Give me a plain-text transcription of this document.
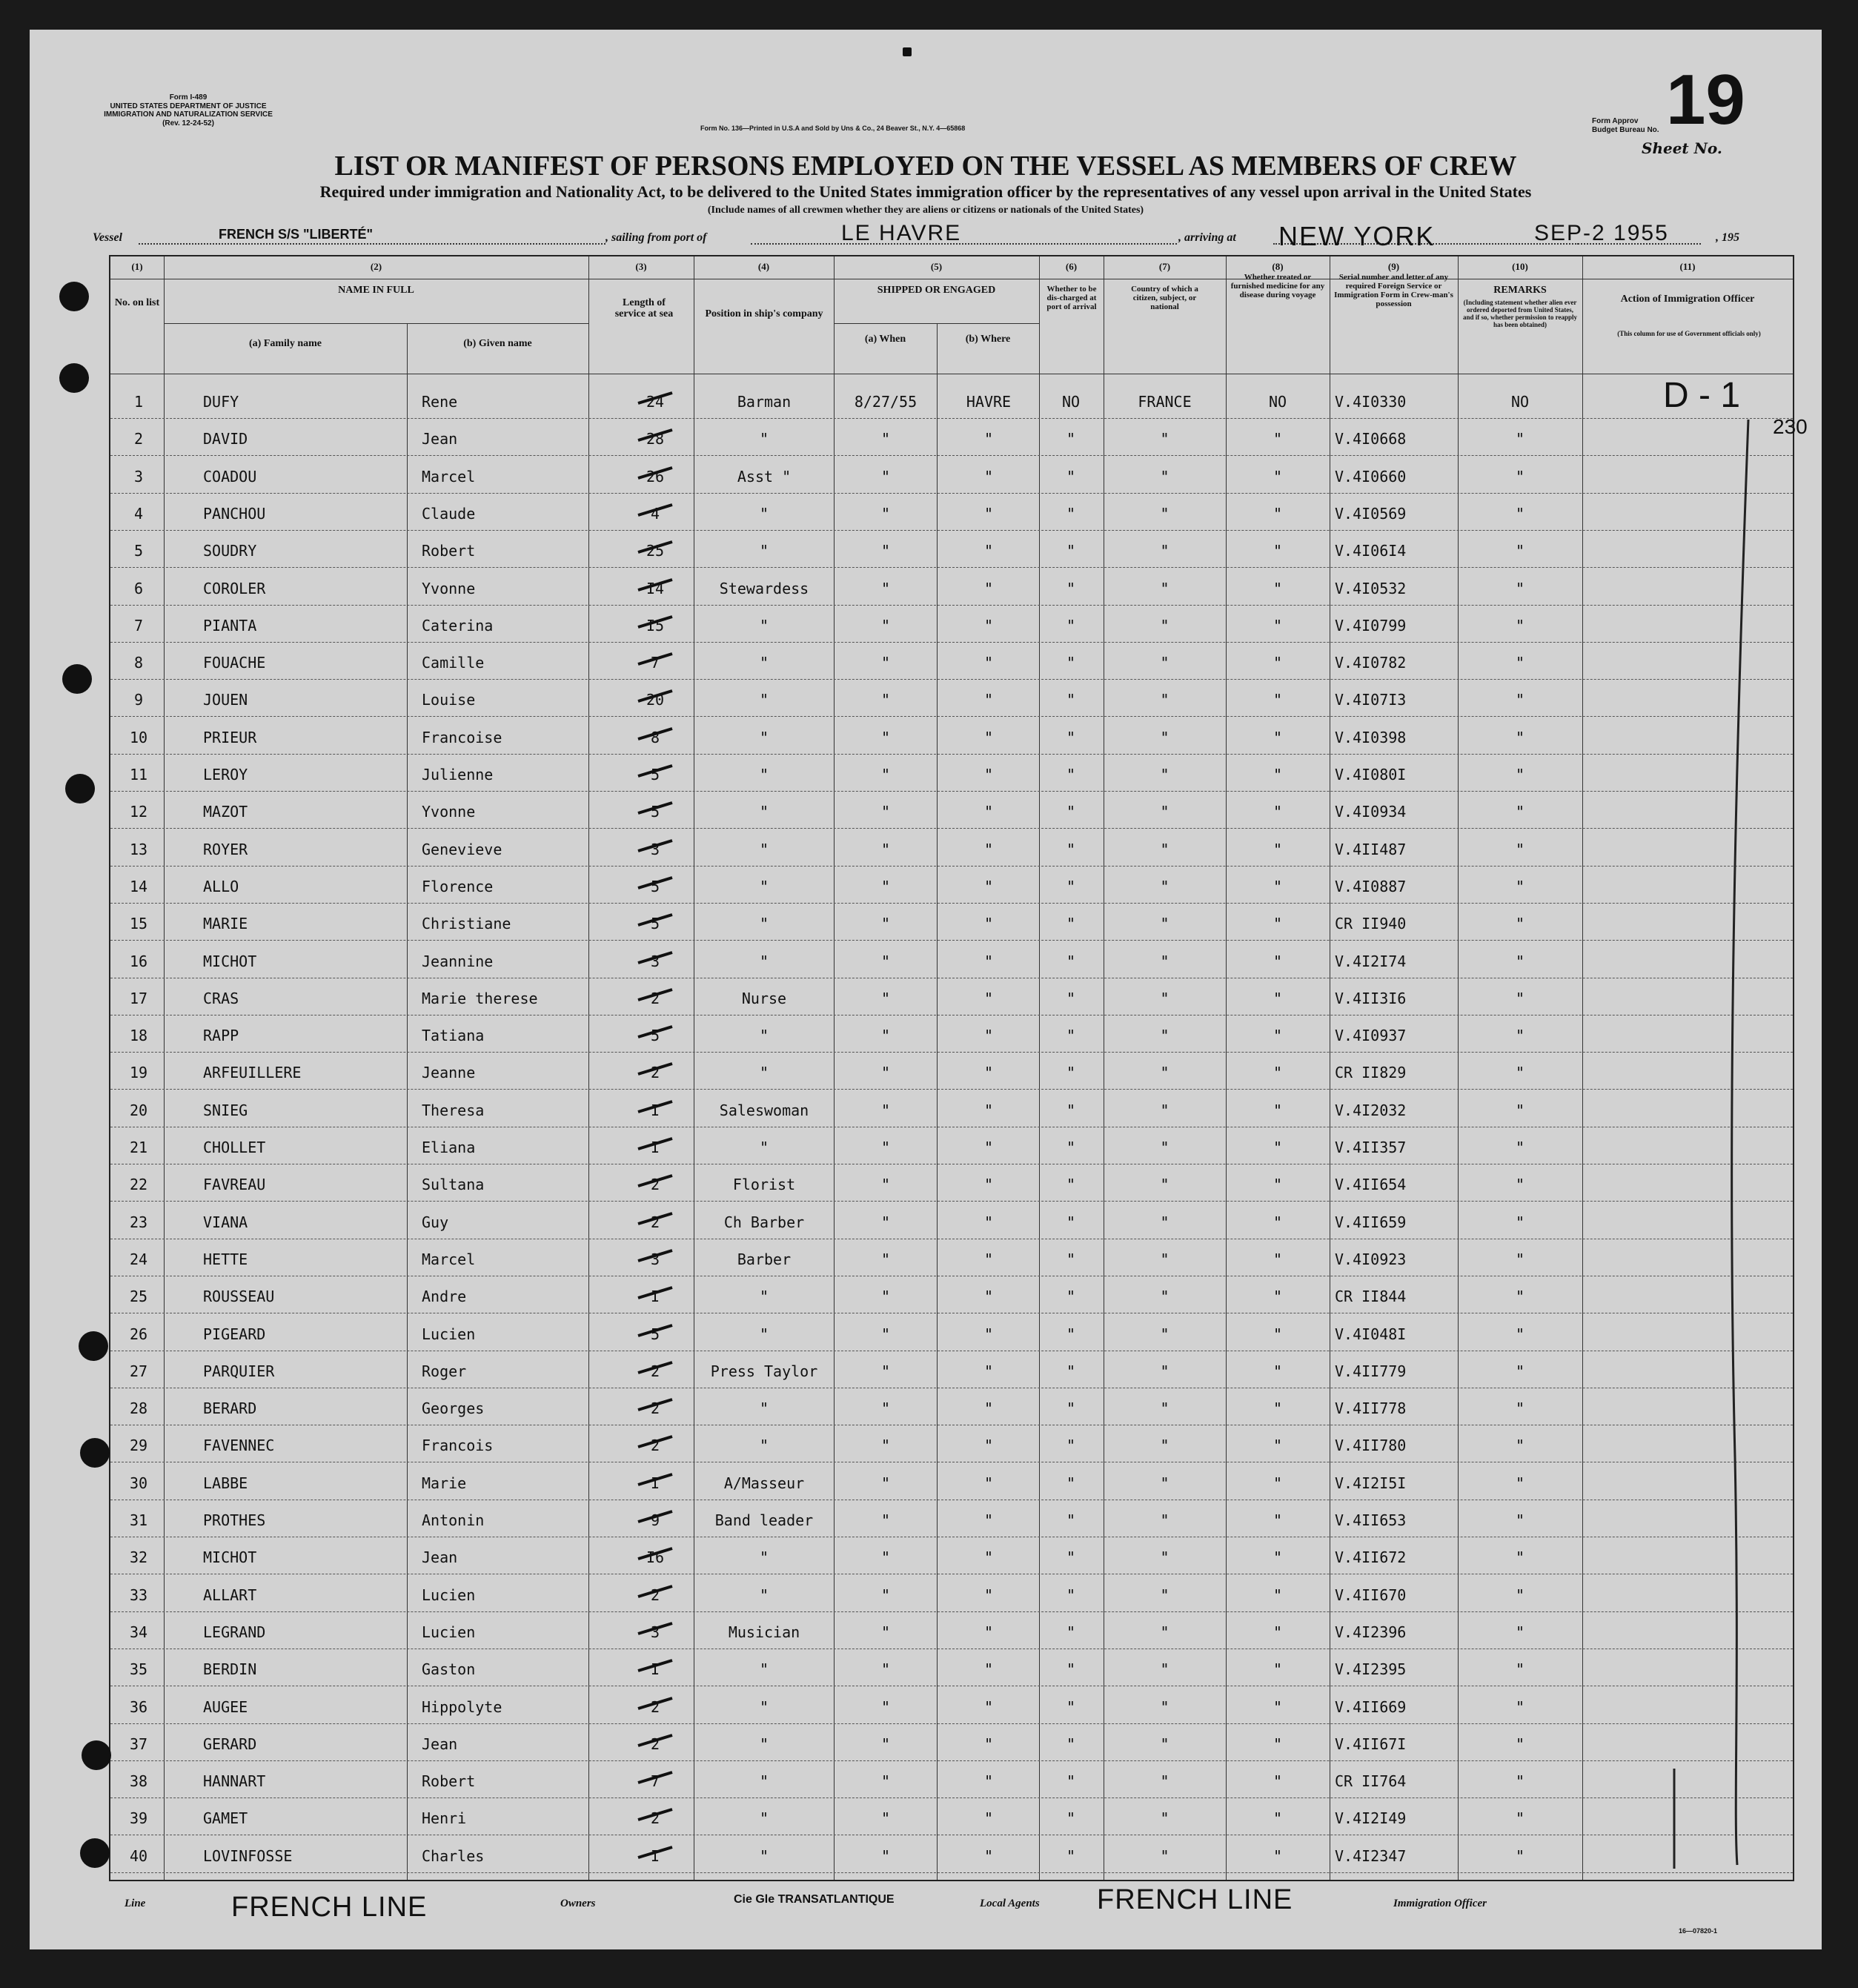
Form I-489
UNITED STATES DEPARTMENT OF JUSTICE
IMMIGRATION AND NATURALIZATION SERVICE
(Rev. 12-24-52)
Form No. 136—Printed in U.S.A and Sold by Uns & Co., 24 Beaver St., N.Y. 4—65868
Form Approv
Budget Bureau No.
Sheet No.
19
LIST OR MANIFEST OF PERSONS EMPLOYED ON THE VESSEL AS MEMBERS OF CREW
Required under immigration and Nationality Act, to be delivered to the United States immigration officer by the representatives of any vessel upon arrival in the United States
(Include names of all crewmen whether they are aliens or citizens or nationals of the United States)
Vessel	FRENCH S/S "LIBERTÉ"	, sailing from port of	LE HAVRE	, arriving at NEW YORK	SEP-2 1955	, 195
(1)	(2)	(3)	(4)	(5)	(6)	(7)	(8)	(9)	(10)	(11)
No. on list
NAME IN FULL
(a) Family name	(b) Given name
Length of service at sea	Position in ship's company
SHIPPED OR ENGAGED
(a) When	(b) Where
Whether to be dis-charged at port of arrival
Country of which a citizen, subject, or national
Whether treated or furnished medicine for any disease during voyage
Serial number and letter of any required Foreign Service or Immigration Form in Crew-man's possession
REMARKS
(Including statement whether alien ever ordered deported from United States, and if so, whether permission to reapply has been obtained)
Action of Immigration Officer
(This column for use of Government officials only)
1	DUFY	Rene	24	Barman	8/27/55	HAVRE	NO	FRANCE	NO	V.4I0330	NO
2	DAVID	Jean	28	"	"	"	"	"	"	V.4I0668	"
3	COADOU	Marcel	26	Asst "	"	"	"	"	"	V.4I0660	"
4	PANCHOU	Claude	4	"	"	"	"	"	"	V.4I0569	"
5	SOUDRY	Robert	25	"	"	"	"	"	"	V.4I06I4	"
6	COROLER	Yvonne	I4	Stewardess	"	"	"	"	"	V.4I0532	"
7	PIANTA	Caterina	I5	"	"	"	"	"	"	V.4I0799	"
8	FOUACHE	Camille	7	"	"	"	"	"	"	V.4I0782	"
9	JOUEN	Louise	20	"	"	"	"	"	"	V.4I07I3	"
10	PRIEUR	Francoise	8	"	"	"	"	"	"	V.4I0398	"
11	LEROY	Julienne	5	"	"	"	"	"	"	V.4I080I	"
12	MAZOT	Yvonne	5	"	"	"	"	"	"	V.4I0934	"
13	ROYER	Genevieve	3	"	"	"	"	"	"	V.4II487	"
14	ALLO	Florence	5	"	"	"	"	"	"	V.4I0887	"
15	MARIE	Christiane	5	"	"	"	"	"	"	CR II940	"
16	MICHOT	Jeannine	3	"	"	"	"	"	"	V.4I2I74	"
17	CRAS	Marie therese	2	Nurse	"	"	"	"	"	V.4II3I6	"
18	RAPP	Tatiana	5	"	"	"	"	"	"	V.4I0937	"
19	ARFEUILLERE	Jeanne	2	"	"	"	"	"	"	CR II829	"
20	SNIEG	Theresa	I	Saleswoman	"	"	"	"	"	V.4I2032	"
21	CHOLLET	Eliana	I	"	"	"	"	"	"	V.4II357	"
22	FAVREAU	Sultana	2	Florist	"	"	"	"	"	V.4II654	"
23	VIANA	Guy	2	Ch Barber	"	"	"	"	"	V.4II659	"
24	HETTE	Marcel	3	Barber	"	"	"	"	"	V.4I0923	"
25	ROUSSEAU	Andre	I	"	"	"	"	"	"	CR II844	"
26	PIGEARD	Lucien	5	"	"	"	"	"	"	V.4I048I	"
27	PARQUIER	Roger	2	Press Taylor	"	"	"	"	"	V.4II779	"
28	BERARD	Georges	2	"	"	"	"	"	"	V.4II778	"
29	FAVENNEC	Francois	2	"	"	"	"	"	"	V.4II780	"
30	LABBE	Marie	I	A/Masseur	"	"	"	"	"	V.4I2I5I	"
31	PROTHES	Antonin	9	Band leader	"	"	"	"	"	V.4II653	"
32	MICHOT	Jean	I6	"	"	"	"	"	"	V.4II672	"
33	ALLART	Lucien	2	"	"	"	"	"	"	V.4II670	"
34	LEGRAND	Lucien	3	Musician	"	"	"	"	"	V.4I2396	"
35	BERDIN	Gaston	I	"	"	"	"	"	"	V.4I2395	"
36	AUGEE	Hippolyte	2	"	"	"	"	"	"	V.4II669	"
37	GERARD	Jean	2	"	"	"	"	"	"	V.4II67I	"
38	HANNART	Robert	7	"	"	"	"	"	"	CR II764	"
39	GAMET	Henri	2	"	"	"	"	"	"	V.4I2I49	"
40	LOVINFOSSE	Charles	I	"	"	"	"	"	"	V.4I2347	"
D - 1
230
Line	FRENCH LINE	Owners	Cie Gle TRANSATLANTIQUE	Local Agents FRENCH LINE	Immigration Officer
16—07820-1
